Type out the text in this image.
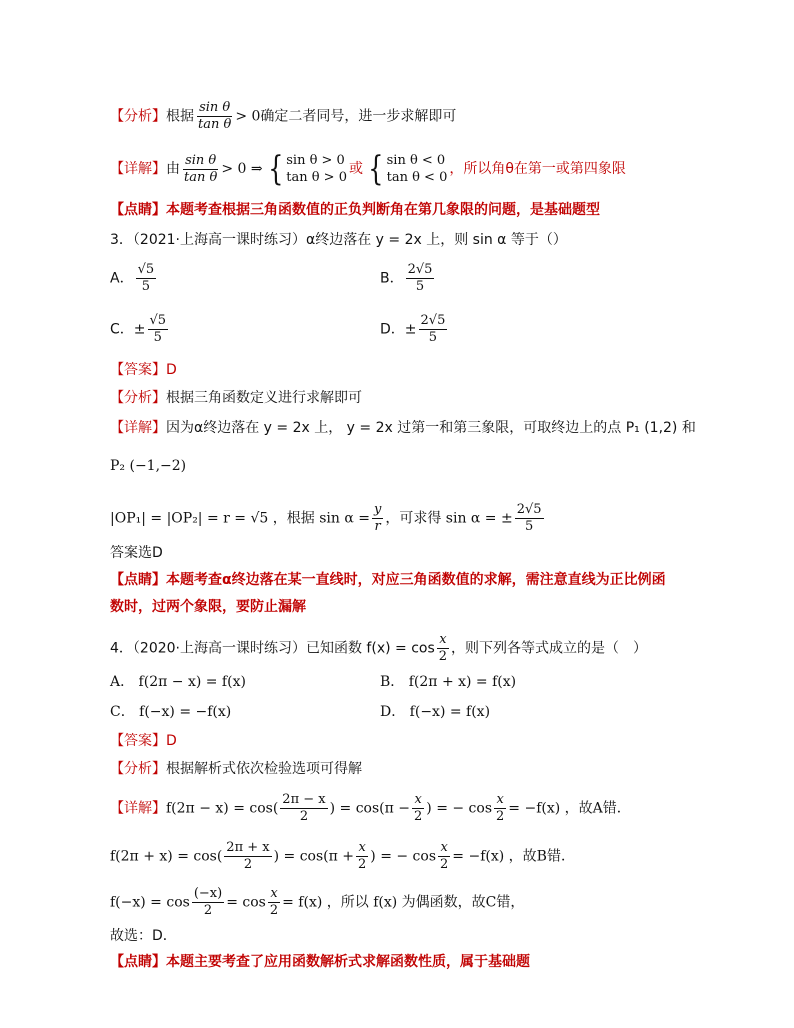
【分析】根据 $\frac{\text{sin θ}}{\text{tan θ}} > 0$确定二者同号，进一步求解即可
【详解】由 $\frac{\text{sin θ}}{\text{tan θ}} > 0$ ⇒ { sin θ > 0
tan θ > 0
或 { sin θ < 0
tan θ < 0
，所以角θ在第一或第四象限
【点睛】本题考查根据三角函数值的正负判断角在第几象限的问题，是基础题型
3．（2021·上海高一课时练习）α终边落在 y = 2x 上，则 sin α 等于（）
A． $\frac{√5}{5}$	B． $\frac{2√5}{5}$
C．± $\frac{√5}{5}$	D．± $\frac{2√5}{5}$
【答案】D
【分析】根据三角函数定义进行求解即可
【详解】因为α终边落在 y = 2x 上， y = 2x 过第一和第三象限，可取终边上的点 P₁ (1,2) 和
P₂ (−1,−2)
|OP₁| = |OP₂| = r = √5 ，根据 $\sin \alpha = \frac{y}{r}$ ，可求得 sin α = ± $\frac{2√5}{5}$
答案选D
【点睛】本题考查α终边落在某一直线时，对应三角函数值的求解，需注意直线为正比例函
数时，过两个象限，要防止漏解
4．（2020·上海高一课时练习）已知函数 $f(x) = \cos \frac{x}{2}$ ，则下列各等式成立的是（　）
A． f(2π − x) = f(x)	B． f(2π + x) = f(x)
C． f(−x) = −f(x)	D． f(−x) = f(x)
【答案】D
【分析】根据解析式依次检验选项可得解
【详解】$f(2\pi - x) = \cos( \frac{2\pi - x}{2}$ ) = $\cos(\pi - \frac{x}{2}$ ) = − $\cos \frac{x}{2} = -f(x)$ ，故A错．
$f(2\pi + x) = \cos( \frac{2\pi + x}{2}$ ) = $\cos(\pi + \frac{x}{2}$ ) = − $\cos \frac{x}{2} = -f(x)$ ，故B错．
$f(-x) = \cos \frac{(-x)}{2} = \cos \frac{x}{2} = f(x)$ ，所以 f(x) 为偶函数，故C错，
故选：D．
【点睛】本题主要考查了应用函数解析式求解函数性质，属于基础题
